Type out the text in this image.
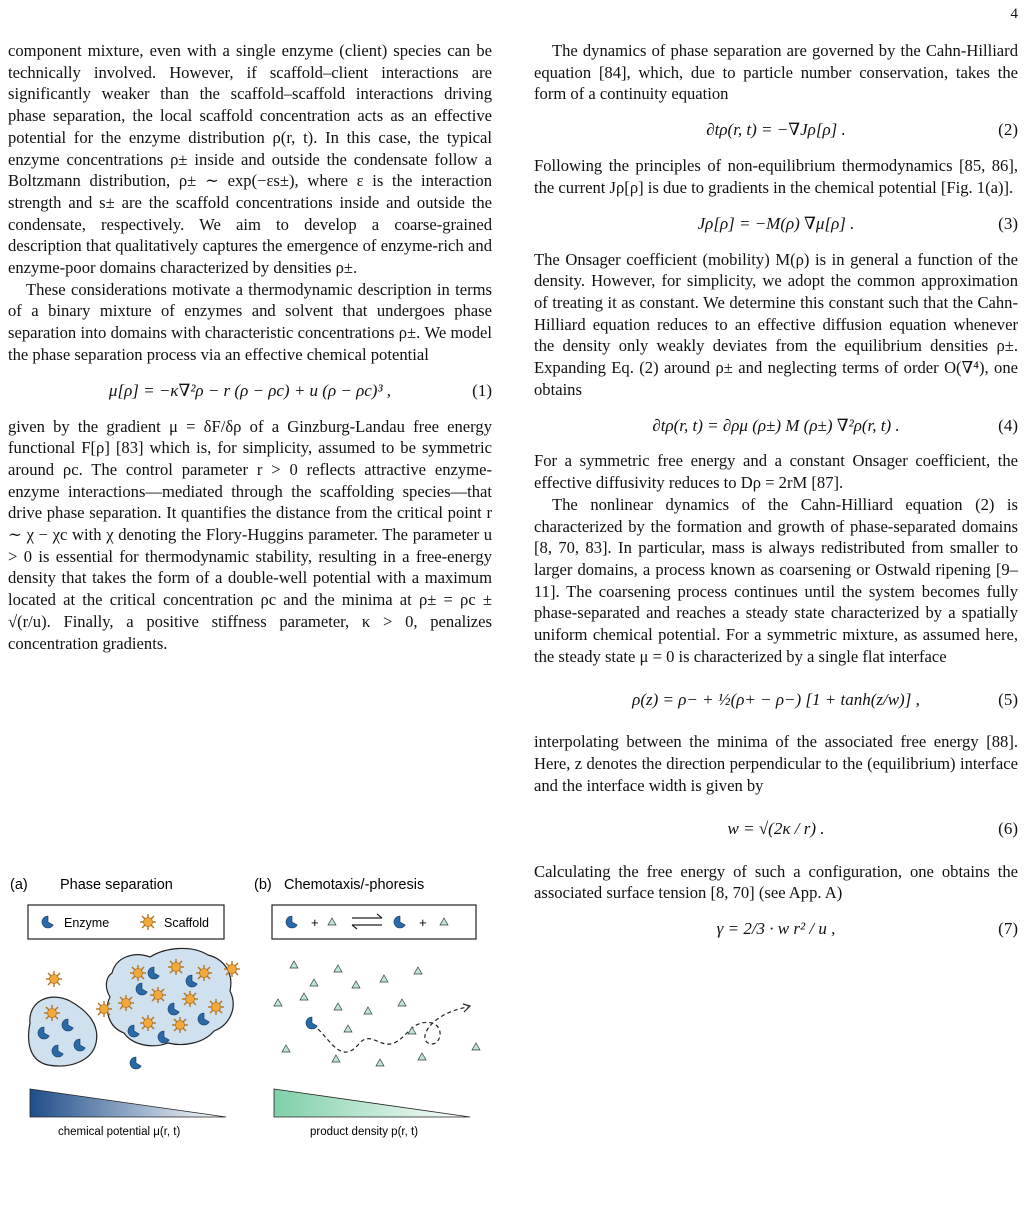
4

component mixture, even with a single enzyme (client) species can be technically involved. However, if scaffold–client interactions are significantly weaker than the scaffold–scaffold interactions driving phase separation, the local scaffold concentration acts as an effective potential for the enzyme distribution ρ(r, t). In this case, the typical enzyme concentrations ρ± inside and outside the condensate follow a Boltzmann distribution, ρ± ∼ exp(−εs±), where ε is the interaction strength and s± are the scaffold concentrations inside and outside the condensate, respectively. We aim to develop a coarse-grained description that qualitatively captures the emergence of enzyme-rich and enzyme-poor domains characterized by densities ρ±.

These considerations motivate a thermodynamic description in terms of a binary mixture of enzymes and solvent that undergoes phase separation into domains with characteristic concentrations ρ±. We model the phase separation process via an effective chemical potential

μ[ρ] = −κ∇²ρ − r (ρ − ρc) + u (ρ − ρc)³ ,	(1)

given by the gradient μ = δF/δρ of a Ginzburg-Landau free energy functional F[ρ] [83] which is, for simplicity, assumed to be symmetric around ρc. The control parameter r > 0 reflects attractive enzyme-enzyme interactions—mediated through the scaffolding species—that drive phase separation. It quantifies the distance from the critical point r ∼ χ − χc with χ denoting the Flory-Huggins parameter. The parameter u > 0 is essential for thermodynamic stability, resulting in a free-energy density that takes the form of a double-well potential with a maximum located at the critical concentration ρc and the minima at ρ± = ρc ± √(r/u). Finally, a positive stiffness parameter, κ > 0, penalizes concentration gradients.

(a) Phase separation	(b) Chemotaxis/-phoresis
Enzyme	Scaffold	+	+
chemical potential μ(r, t)	product density p(r, t)

The dynamics of phase separation are governed by the Cahn-Hilliard equation [84], which, due to particle number conservation, takes the form of a continuity equation

∂tρ(r, t) = −∇Jρ[ρ] .	(2)

Following the principles of non-equilibrium thermodynamics [85, 86], the current Jρ[ρ] is due to gradients in the chemical potential [Fig. 1(a)].

Jρ[ρ] = −M(ρ) ∇μ[ρ] .	(3)

The Onsager coefficient (mobility) M(ρ) is in general a function of the density. However, for simplicity, we adopt the common approximation of treating it as constant. We determine this constant such that the Cahn-Hilliard equation reduces to an effective diffusion equation whenever the density only weakly deviates from the equilibrium densities ρ±. Expanding Eq. (2) around ρ± and neglecting terms of order O(∇⁴), one obtains

∂tρ(r, t) = ∂ρμ (ρ±) M (ρ±) ∇²ρ(r, t) .	(4)

For a symmetric free energy and a constant Onsager coefficient, the effective diffusivity reduces to Dρ = 2rM [87].

The nonlinear dynamics of the Cahn-Hilliard equation (2) is characterized by the formation and growth of phase-separated domains [8, 70, 83]. In particular, mass is always redistributed from smaller to larger domains, a process known as coarsening or Ostwald ripening [9–11]. The coarsening process continues until the system becomes fully phase-separated and reaches a steady state characterized by a spatially uniform chemical potential. For a symmetric mixture, as assumed here, the steady state μ = 0 is characterized by a single flat interface

ρ(z) = ρ− + ½(ρ+ − ρ−) [1 + tanh(z/w)] ,	(5)

interpolating between the minima of the associated free energy [88]. Here, z denotes the direction perpendicular to the (equilibrium) interface and the interface width is given by

w = √(2κ / r) .	(6)

Calculating the free energy of such a configuration, one obtains the associated surface tension [8, 70] (see App. A)

γ = 2/3 · w r² / u ,	(7)
